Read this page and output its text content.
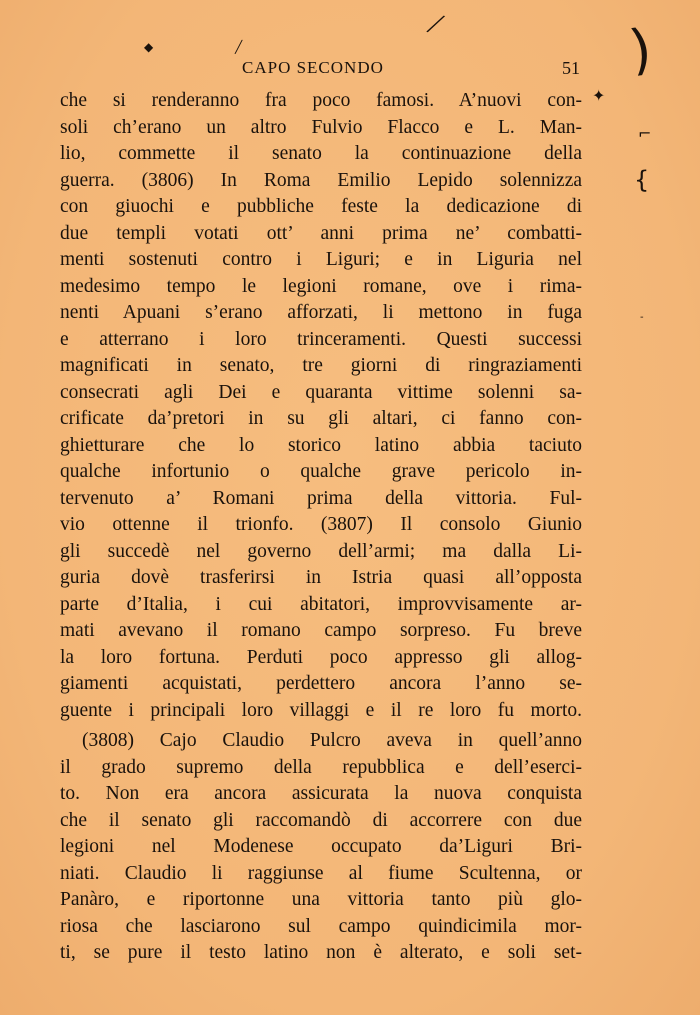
╱
◆	╱
✦
)
⌐
{
-
CAPO SECONDO	51
che si renderanno fra poco famosi. A’nuovi con-
soli ch’erano un altro Fulvio Flacco e L. Man-
lio, commette il senato la continuazione della
guerra. (3806) In Roma Emilio Lepido solennizza
con giuochi e pubbliche feste la dedicazione di
due templi votati ott’ anni prima ne’ combatti-
menti sostenuti contro i Liguri; e in Liguria nel
medesimo tempo le legioni romane, ove i rima-
nenti Apuani s’erano afforzati, li mettono in fuga
e atterrano i loro trinceramenti. Questi successi
magnificati in senato, tre giorni di ringraziamenti
consecrati agli Dei e quaranta vittime solenni sa-
crificate da’pretori in su gli altari, ci fanno con-
ghietturare che lo storico latino abbia taciuto
qualche infortunio o qualche grave pericolo in-
tervenuto a’ Romani prima della vittoria. Ful-
vio ottenne il trionfo. (3807) Il consolo Giunio
gli succedè nel governo dell’armi; ma dalla Li-
guria dovè trasferirsi in Istria quasi all’opposta
parte d’Italia, i cui abitatori, improvvisamente ar-
mati avevano il romano campo sorpreso. Fu breve
la loro fortuna. Perduti poco appresso gli allog-
giamenti acquistati, perdettero ancora l’anno se-
guente i principali loro villaggi e il re loro fu morto.
(3808) Cajo Claudio Pulcro aveva in quell’anno
il grado supremo della repubblica e dell’eserci-
to. Non era ancora assicurata la nuova conquista
che il senato gli raccomandò di accorrere con due
legioni nel Modenese occupato da’Liguri Bri-
niati. Claudio li raggiunse al fiume Scultenna, or
Panàro, e riportonne una vittoria tanto più glo-
riosa che lasciarono sul campo quindicimila mor-
ti, se pure il testo latino non è alterato, e soli set-
